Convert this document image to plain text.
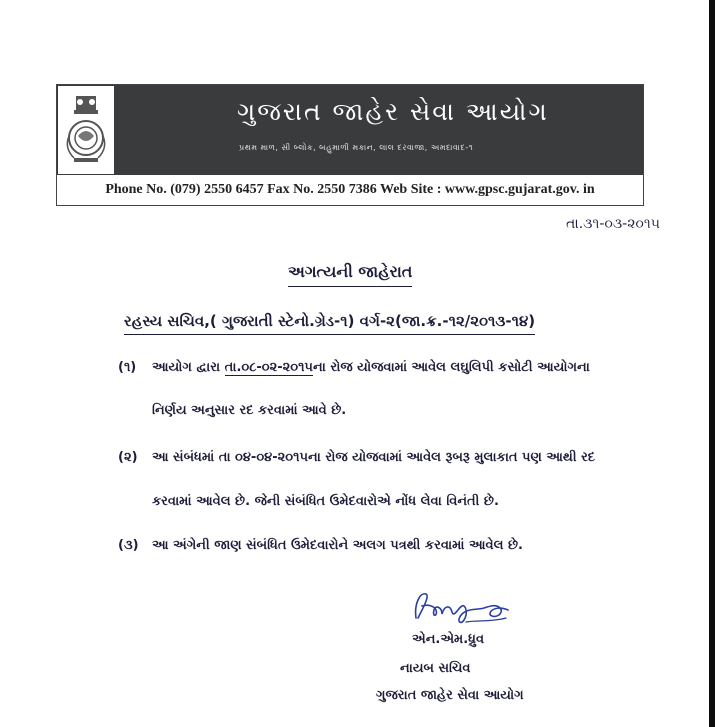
ગુજરાત જાહેર સેવા આયોગ
પ્રથમ માળ, સી બ્લોક, બહુમાળી મકાન, લાલ દરવાજા, અમદાવાદ-૧
Phone No. (079) 2550 6457 Fax No. 2550 7386 Web Site : www.gpsc.gujarat.gov. in
તા.૩૧-૦૩-૨૦૧૫
અગત્યની જાહેરાત
રહસ્ય સચિવ,( ગુજરાતી સ્ટેનો.ગ્રેડ-૧) વર્ગ-૨(જા.ક્ર.-૧૨/૨૦૧૩-૧૪)
(૧) આયોગ દ્વારા તા.૦૮-૦૨-૨૦૧૫ના રોજ યોજવામાં આવેલ લઘુલિપી કસોટી આયોગના
નિર્ણય અનુસાર રદ કરવામાં આવે છે.
(૨) આ સંબંધમાં તા ૦૪-૦૪-૨૦૧૫ના રોજ યોજવામાં આવેલ રૂબરૂ મુલાકાત પણ આથી રદ
કરવામાં આવેલ છે. જેની સંબંધિત ઉમેદવારોએ નોંધ લેવા વિનંતી છે.
(૩) આ અંગેની જાણ સંબંધિત ઉમેદવારોને અલગ પત્રથી કરવામાં આવેલ છે.
એન.એમ.ધ્રુવ
નાયબ સચિવ
ગુજરાત જાહેર સેવા આયોગ
